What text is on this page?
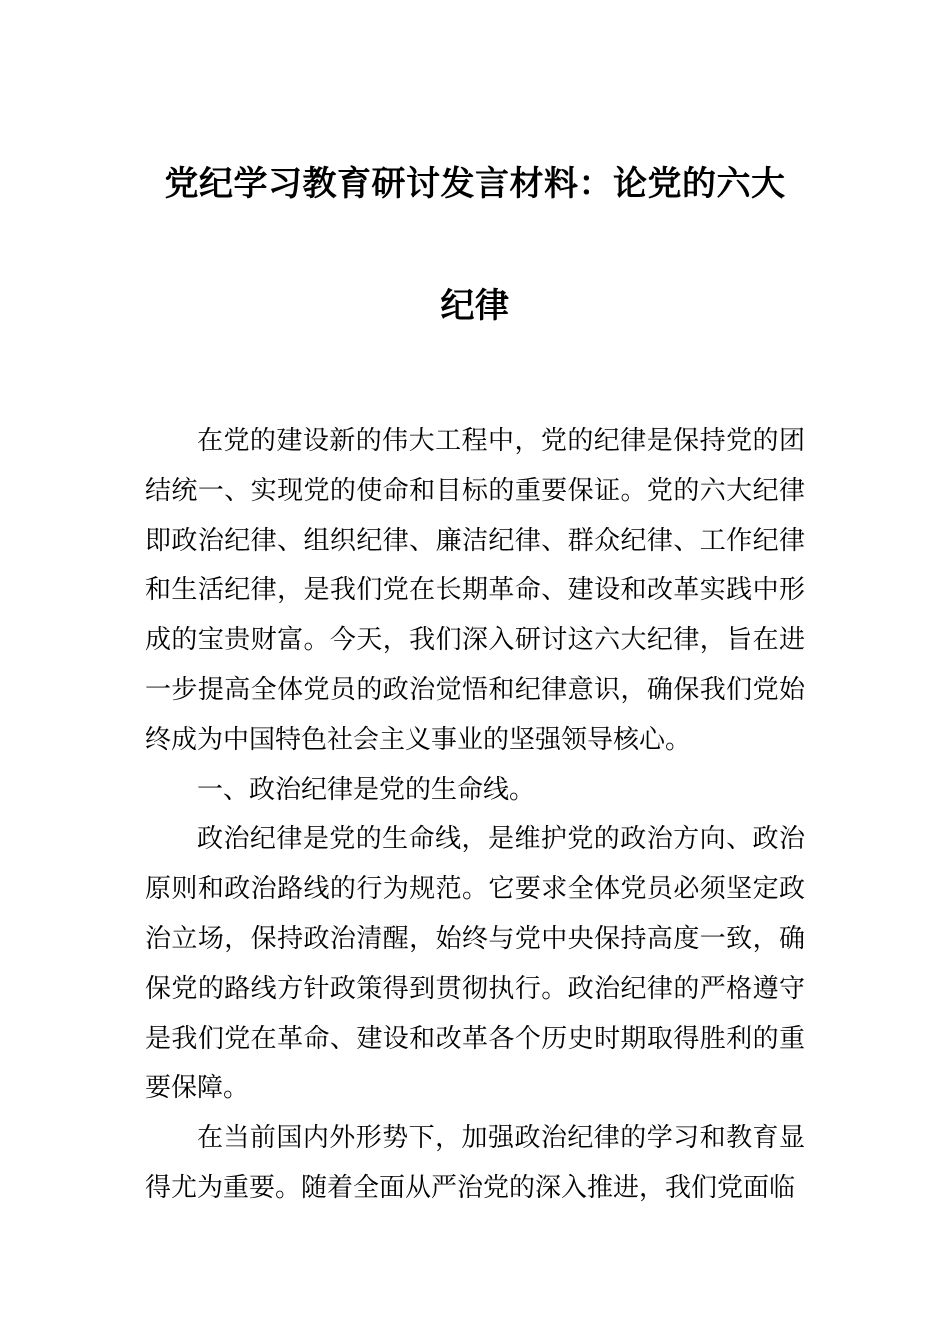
党纪学习教育研讨发言材料：论党的六大
纪律

在党的建设新的伟大工程中，党的纪律是保持党的团结统一、实现党的使命和目标的重要保证。党的六大纪律即政治纪律、组织纪律、廉洁纪律、群众纪律、工作纪律和生活纪律，是我们党在长期革命、建设和改革实践中形成的宝贵财富。今天，我们深入研讨这六大纪律，旨在进一步提高全体党员的政治觉悟和纪律意识，确保我们党始终成为中国特色社会主义事业的坚强领导核心。

一、政治纪律是党的生命线。

政治纪律是党的生命线，是维护党的政治方向、政治原则和政治路线的行为规范。它要求全体党员必须坚定政治立场，保持政治清醒，始终与党中央保持高度一致，确保党的路线方针政策得到贯彻执行。政治纪律的严格遵守是我们党在革命、建设和改革各个历史时期取得胜利的重要保障。

在当前国内外形势下，加强政治纪律的学习和教育显得尤为重要。随着全面从严治党的深入推进，我们党面临
